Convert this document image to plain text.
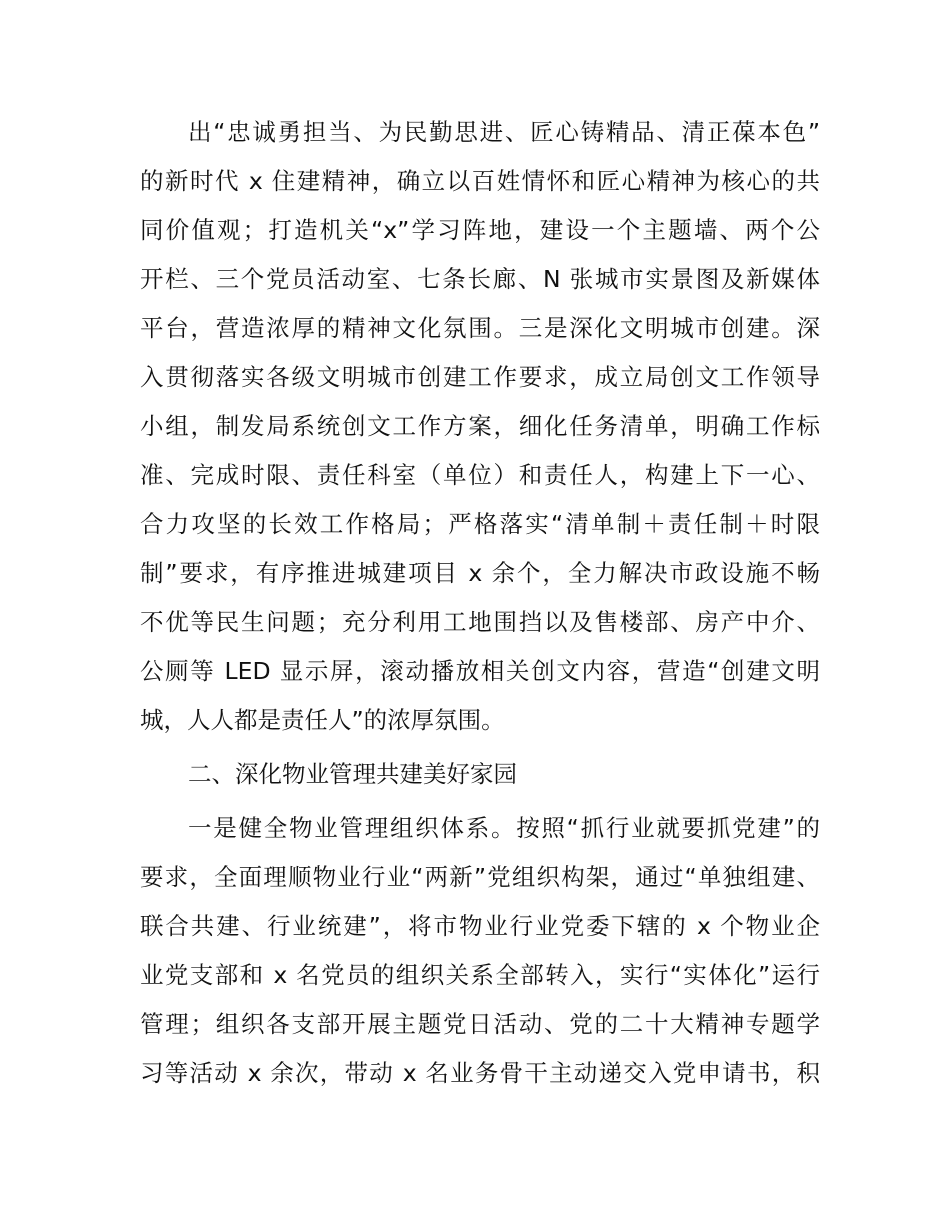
出“忠诚勇担当、为民勤思进、匠心铸精品、清正葆本色”
的新时代 x 住建精神，确立以百姓情怀和匠心精神为核心的共
同价值观；打造机关“x”学习阵地，建设一个主题墙、两个公
开栏、三个党员活动室、七条长廊、N 张城市实景图及新媒体
平台，营造浓厚的精神文化氛围。三是深化文明城市创建。深
入贯彻落实各级文明城市创建工作要求，成立局创文工作领导
小组，制发局系统创文工作方案，细化任务清单，明确工作标
准、完成时限、责任科室（单位）和责任人，构建上下一心、
合力攻坚的长效工作格局；严格落实“清单制＋责任制＋时限
制”要求，有序推进城建项目 x 余个，全力解决市政设施不畅
不优等民生问题；充分利用工地围挡以及售楼部、房产中介、
公厕等 LED 显示屏，滚动播放相关创文内容，营造“创建文明
城，人人都是责任人”的浓厚氛围。
二、深化物业管理共建美好家园
一是健全物业管理组织体系。按照“抓行业就要抓党建”的
要求，全面理顺物业行业“两新”党组织构架，通过“单独组建、
联合共建、行业统建”，将市物业行业党委下辖的 x 个物业企
业党支部和 x 名党员的组织关系全部转入，实行“实体化”运行
管理；组织各支部开展主题党日活动、党的二十大精神专题学
习等活动 x 余次，带动 x 名业务骨干主动递交入党申请书，积
